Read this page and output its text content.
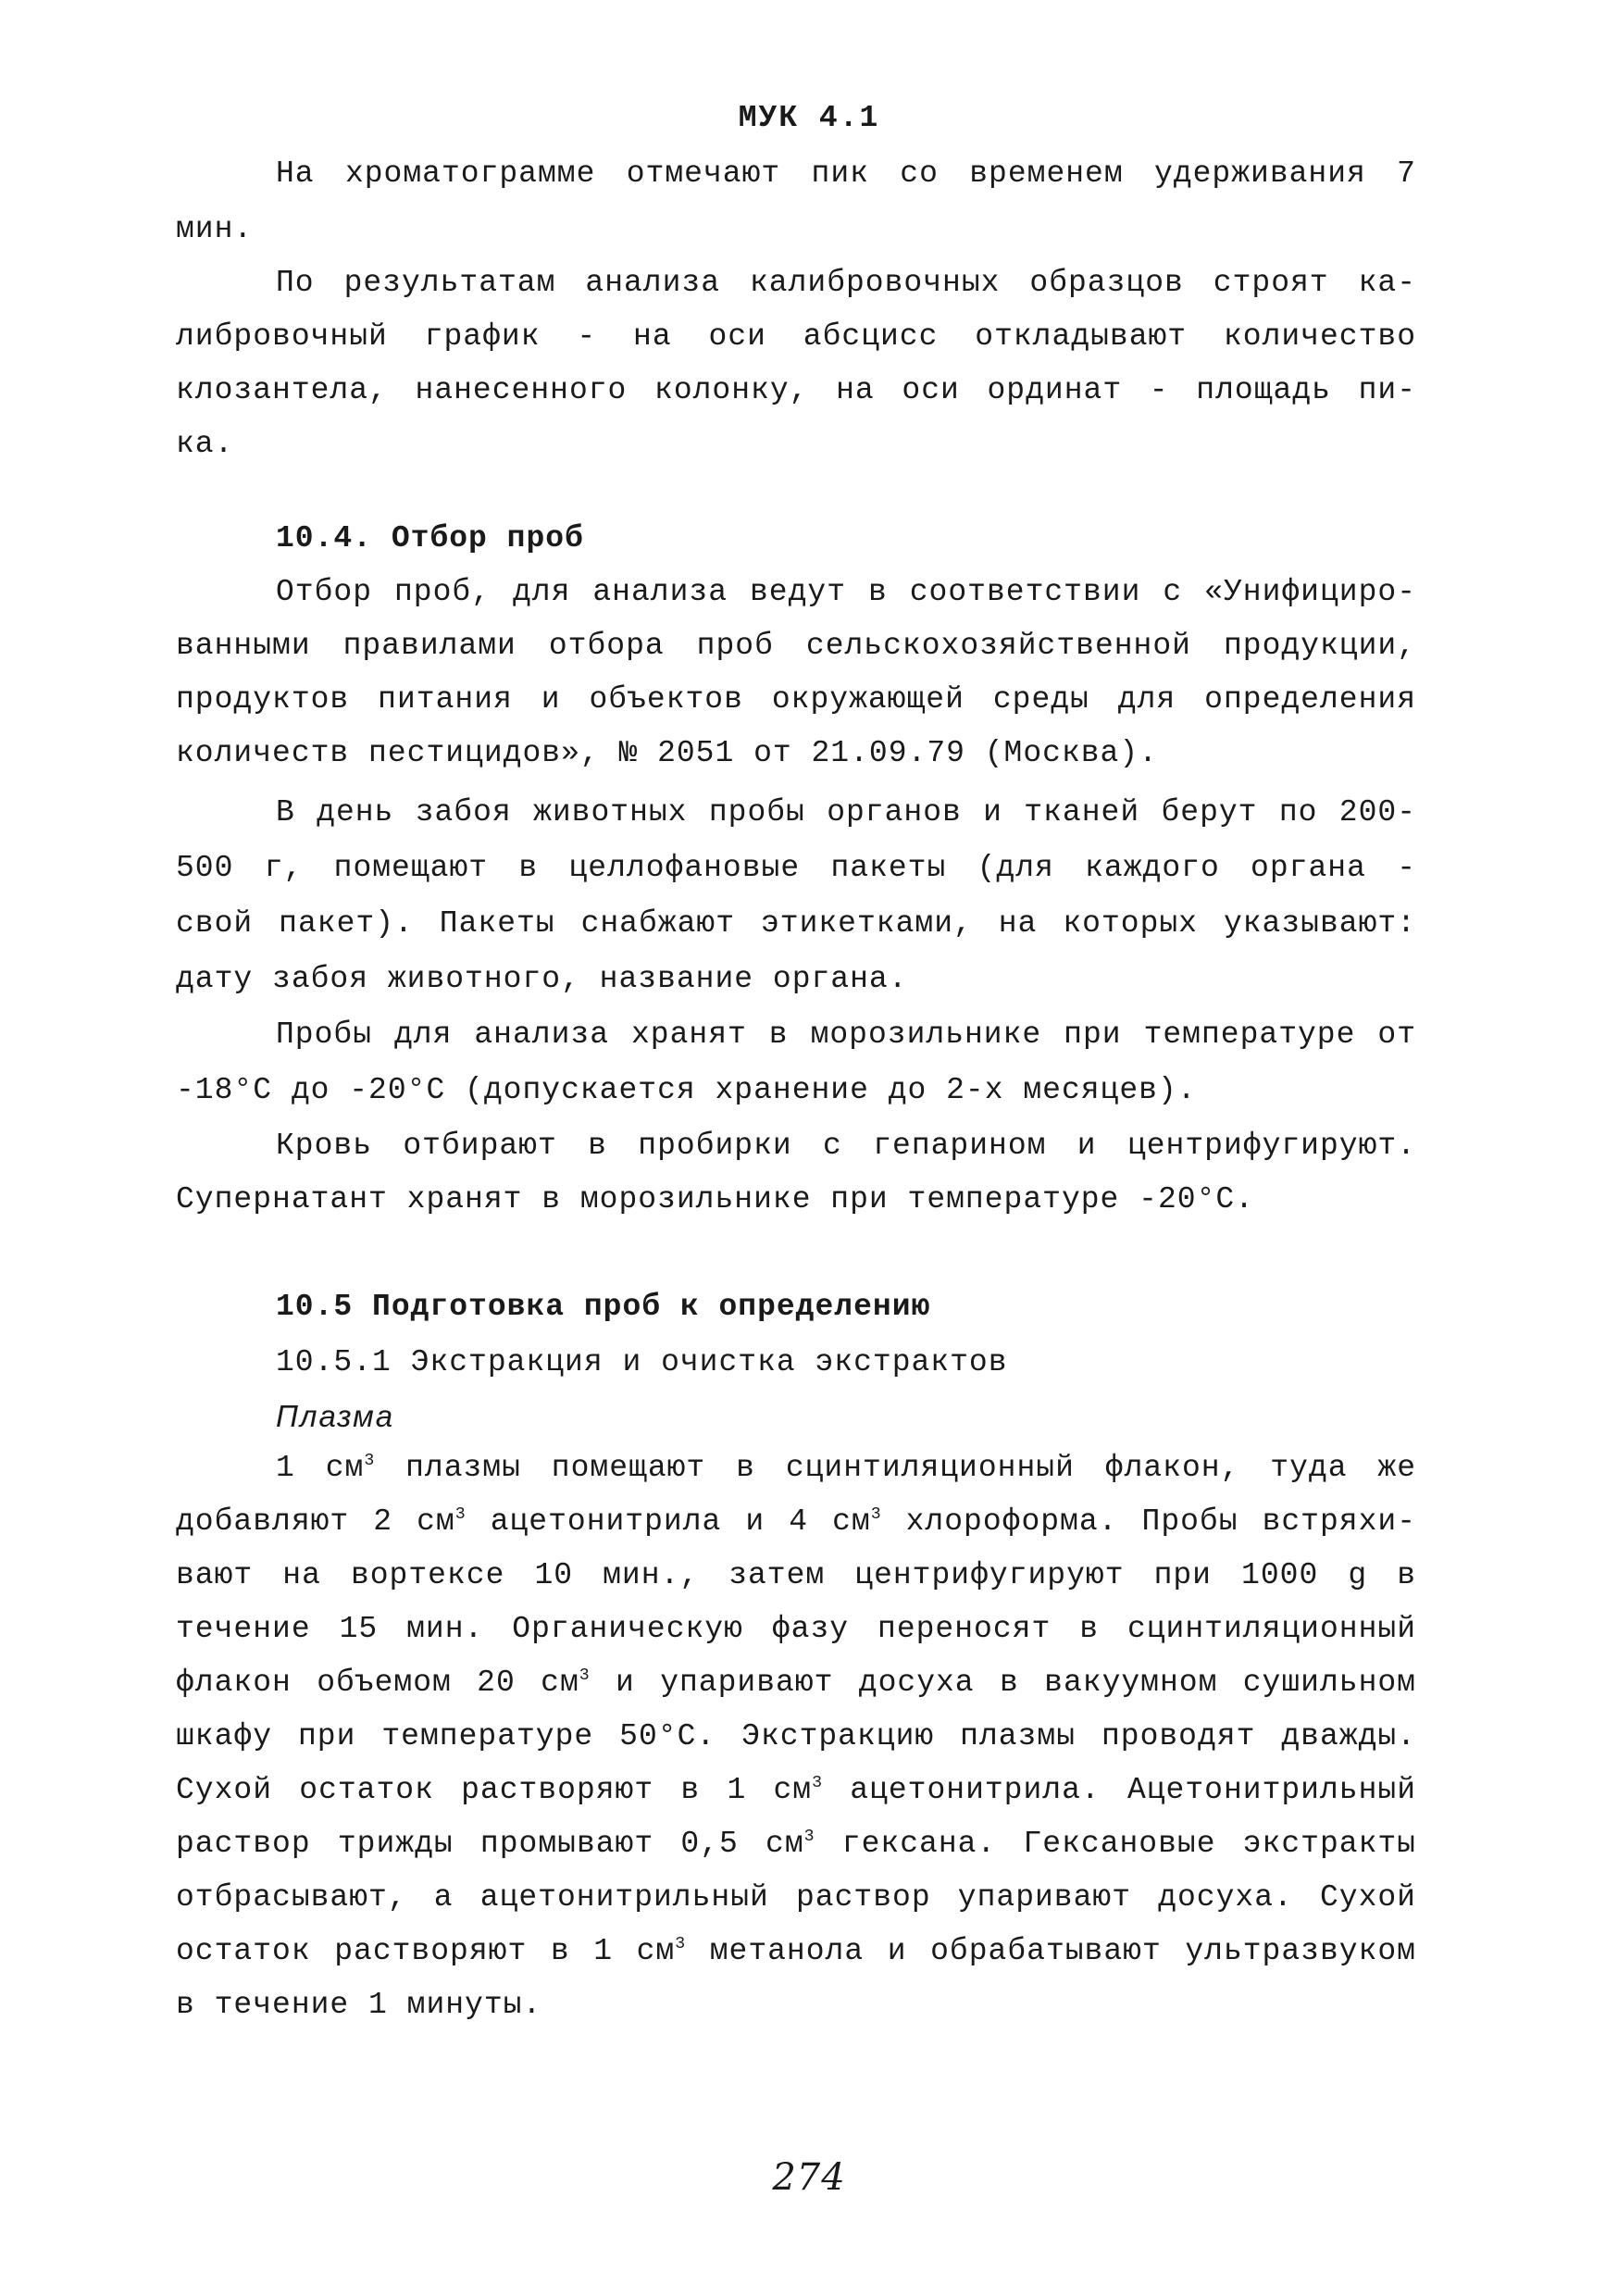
МУК 4.1
На хроматограмме отмечают пик со временем удерживания 7
мин.
По результатам анализа калибровочных образцов строят ка-
либровочный график - на оси абсцисс откладывают количество
клозантела, нанесенного колонку, на оси ординат - площадь пи-
ка.
10.4. Отбор проб
Отбор проб, для анализа ведут в соответствии с «Унифициро-
ванными правилами отбора проб сельскохозяйственной продукции,
продуктов питания и объектов окружающей среды для определения
количеств пестицидов», № 2051 от 21.09.79 (Москва).
В день забоя животных пробы органов и тканей берут по 200-
500 г, помещают в целлофановые пакеты (для каждого органа -
свой пакет). Пакеты снабжают этикетками, на которых указывают:
дату забоя животного, название органа.
Пробы для анализа хранят в морозильнике при температуре от
-18°С до -20°С (допускается хранение до 2-х месяцев).
Кровь отбирают в пробирки с гепарином и центрифугируют.
Супернатант хранят в морозильнике при температуре -20°С.
10.5 Подготовка проб к определению
10.5.1 Экстракция и очистка экстрактов
Плазма
1 $см^3$ плазмы помещают в сцинтиляционный флакон, туда же
добавляют 2 $см^3$ ацетонитрила и 4 $см^3$ хлороформа. Пробы встряхи-
вают на вортексе 10 мин., затем центрифугируют при 1000 g в
течение 15 мин. Органическую фазу переносят в сцинтиляционный
флакон объемом 20 $см^3$ и упаривают досуха в вакуумном сушильном
шкафу при температуре 50°С. Экстракцию плазмы проводят дважды.
Сухой остаток растворяют в 1 $см^3$ ацетонитрила. Ацетонитрильный
раствор трижды промывают 0,5 $см^3$ гексана. Гексановые экстракты
отбрасывают, а ацетонитрильный раствор упаривают досуха. Сухой
остаток растворяют в 1 $см^3$ метанола и обрабатывают ультразвуком
в течение 1 минуты.
274
